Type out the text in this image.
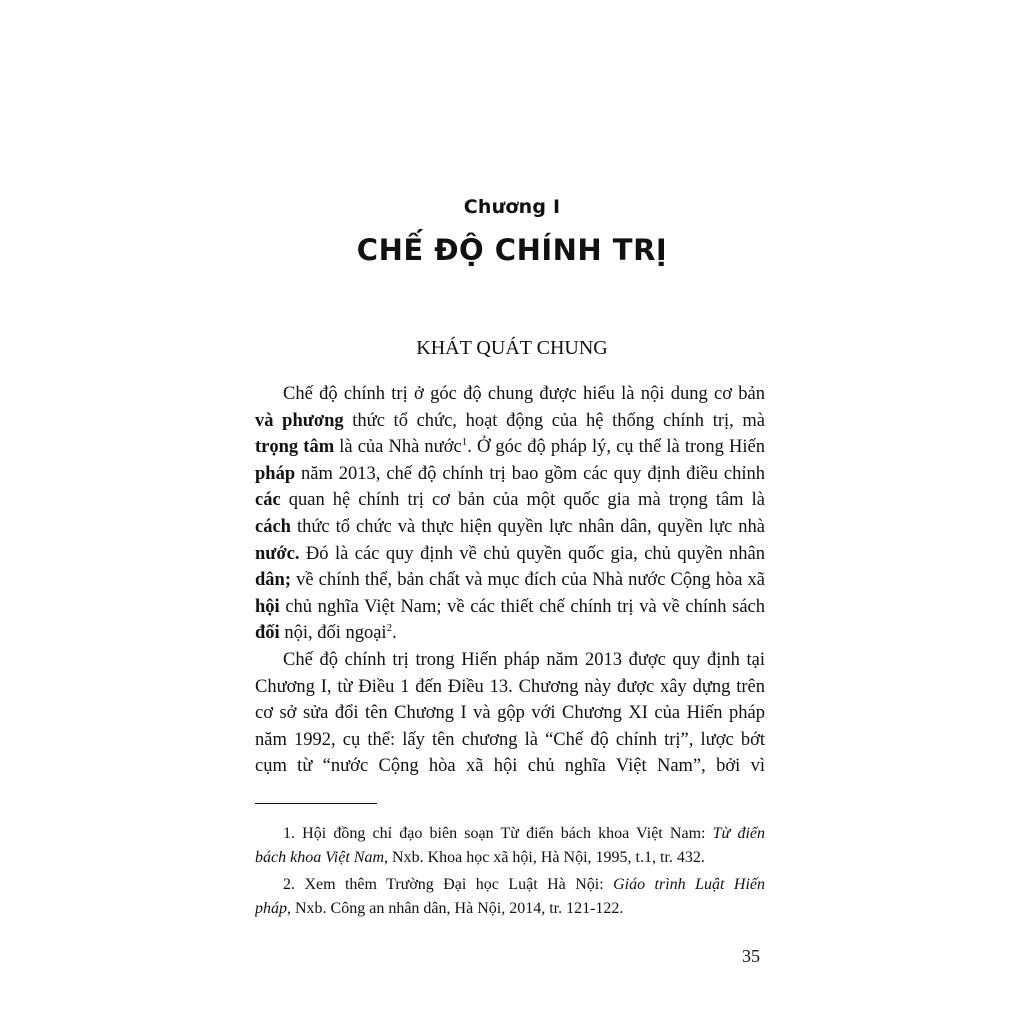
Chương I
CHẾ ĐỘ CHÍNH TRỊ
KHÁT QUÁT CHUNG
Chế độ chính trị ở góc độ chung được hiểu là nội dung cơ bản
và phương thức tổ chức, hoạt động của hệ thống chính trị, mà
trọng tâm là của Nhà nước$^1$. Ở góc độ pháp lý, cụ thể là trong Hiến
pháp năm 2013, chế độ chính trị bao gồm các quy định điều chỉnh
các quan hệ chính trị cơ bản của một quốc gia mà trọng tâm là
cách thức tổ chức và thực hiện quyền lực nhân dân, quyền lực nhà
nước. Đó là các quy định về chủ quyền quốc gia, chủ quyền nhân
dân; về chính thể, bản chất và mục đích của Nhà nước Cộng hòa xã
hội chủ nghĩa Việt Nam; về các thiết chế chính trị và về chính sách
đối nội, đối ngoại$^2$.
Chế độ chính trị trong Hiến pháp năm 2013 được quy định tại
Chương I, từ Điều 1 đến Điều 13. Chương này được xây dựng trên
cơ sở sửa đổi tên Chương I và gộp với Chương XI của Hiến pháp
năm 1992, cụ thể: lấy tên chương là “Chế độ chính trị”, lược bớt
cụm từ “nước Cộng hòa xã hội chủ nghĩa Việt Nam”, bởi vì
1. Hội đồng chỉ đạo biên soạn Từ điển bách khoa Việt Nam: Từ điển
bách khoa Việt Nam, Nxb. Khoa học xã hội, Hà Nội, 1995, t.1, tr. 432.
2. Xem thêm Trường Đại học Luật Hà Nội: Giáo trình Luật Hiến
pháp, Nxb. Công an nhân dân, Hà Nội, 2014, tr. 121-122.
35
